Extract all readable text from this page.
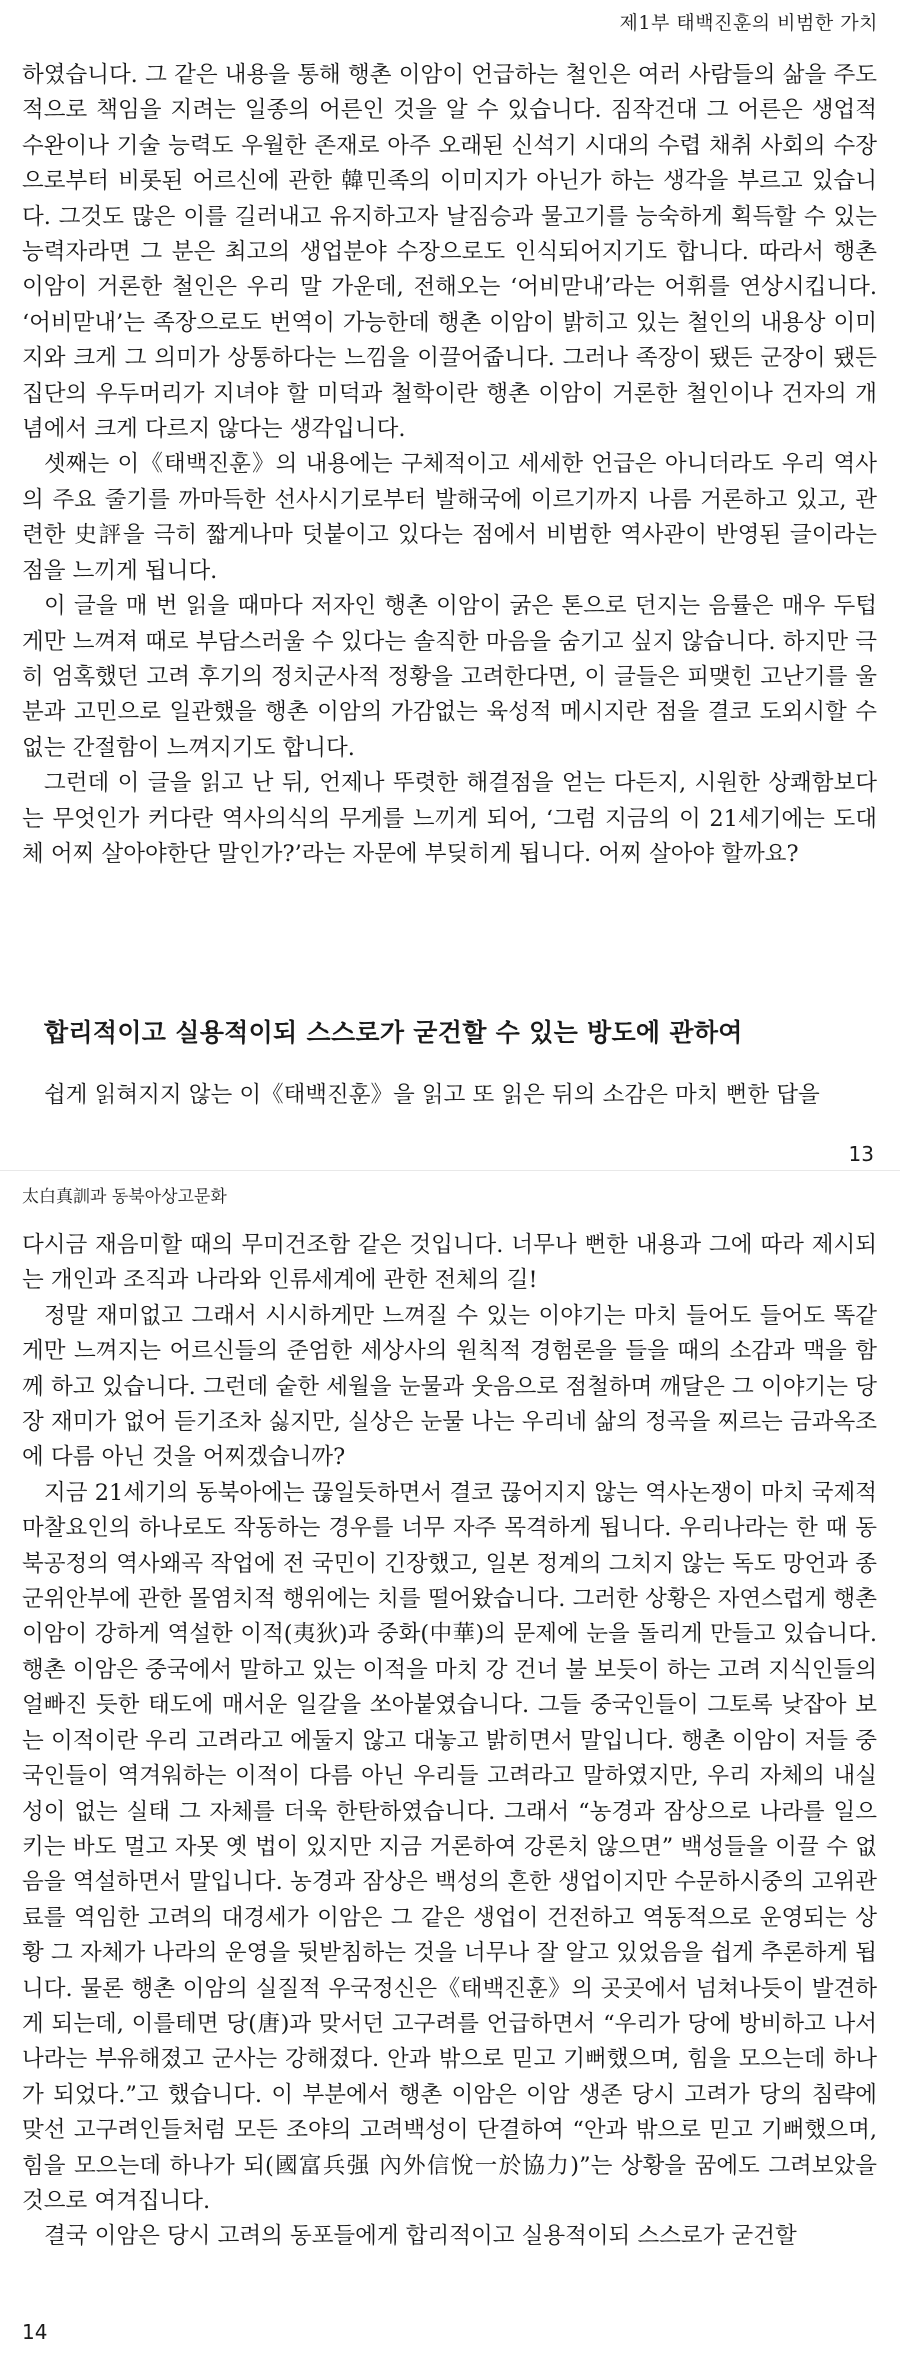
제1부 태백진훈의 비범한 가치

하였습니다. 그 같은 내용을 통해 행촌 이암이 언급하는 철인은 여러 사람들의 삶을 주도적으로 책임을 지려는 일종의 어른인 것을 알 수 있습니다. 짐작건대 그 어른은 생업적 수완이나 기술 능력도 우월한 존재로 아주 오래된 신석기 시대의 수렵 채취 사회의 수장으로부터 비롯된 어르신에 관한 韓민족의 이미지가 아닌가 하는 생각을 부르고 있습니다. 그것도 많은 이를 길러내고 유지하고자 날짐승과 물고기를 능숙하게 획득할 수 있는 능력자라면 그 분은 최고의 생업분야 수장으로도 인식되어지기도 합니다. 따라서 행촌 이암이 거론한 철인은 우리 말 가운데, 전해오는 ‘어비맏내’라는 어휘를 연상시킵니다. ‘어비맏내’는 족장으로도 번역이 가능한데 행촌 이암이 밝히고 있는 철인의 내용상 이미지와 크게 그 의미가 상통하다는 느낌을 이끌어줍니다. 그러나 족장이 됐든 군장이 됐든 집단의 우두머리가 지녀야 할 미덕과 철학이란 행촌 이암이 거론한 철인이나 건자의 개념에서 크게 다르지 않다는 생각입니다.

셋째는 이《태백진훈》의 내용에는 구체적이고 세세한 언급은 아니더라도 우리 역사의 주요 줄기를 까마득한 선사시기로부터 발해국에 이르기까지 나름 거론하고 있고, 관련한 史評을 극히 짧게나마 덧붙이고 있다는 점에서 비범한 역사관이 반영된 글이라는 점을 느끼게 됩니다.

이 글을 매 번 읽을 때마다 저자인 행촌 이암이 굵은 톤으로 던지는 음률은 매우 두텁게만 느껴져 때로 부담스러울 수 있다는 솔직한 마음을 숨기고 싶지 않습니다. 하지만 극히 엄혹했던 고려 후기의 정치군사적 정황을 고려한다면, 이 글들은 피맺힌 고난기를 울분과 고민으로 일관했을 행촌 이암의 가감없는 육성적 메시지란 점을 결코 도외시할 수 없는 간절함이 느껴지기도 합니다.

그런데 이 글을 읽고 난 뒤, 언제나 뚜렷한 해결점을 얻는 다든지, 시원한 상쾌함보다는 무엇인가 커다란 역사의식의 무게를 느끼게 되어, ‘그럼 지금의 이 21세기에는 도대체 어찌 살아야한단 말인가?’라는 자문에 부딪히게 됩니다. 어찌 살아야 할까요?

합리적이고 실용적이되 스스로가 굳건할 수 있는 방도에 관하여

쉽게 읽혀지지 않는 이《태백진훈》을 읽고 또 읽은 뒤의 소감은 마치 뻔한 답을

13
太白真訓과 동북아상고문화

다시금 재음미할 때의 무미건조함 같은 것입니다. 너무나 뻔한 내용과 그에 따라 제시되는 개인과 조직과 나라와 인류세계에 관한 전체의 길!

정말 재미없고 그래서 시시하게만 느껴질 수 있는 이야기는 마치 들어도 들어도 똑같게만 느껴지는 어르신들의 준엄한 세상사의 원칙적 경험론을 들을 때의 소감과 맥을 함께 하고 있습니다. 그런데 숱한 세월을 눈물과 웃음으로 점철하며 깨달은 그 이야기는 당장 재미가 없어 듣기조차 싫지만, 실상은 눈물 나는 우리네 삶의 정곡을 찌르는 금과옥조에 다름 아닌 것을 어찌겠습니까?

지금 21세기의 동북아에는 끊일듯하면서 결코 끊어지지 않는 역사논쟁이 마치 국제적 마찰요인의 하나로도 작동하는 경우를 너무 자주 목격하게 됩니다. 우리나라는 한 때 동북공정의 역사왜곡 작업에 전 국민이 긴장했고, 일본 정계의 그치지 않는 독도 망언과 종군위안부에 관한 몰염치적 행위에는 치를 떨어왔습니다. 그러한 상황은 자연스럽게 행촌 이암이 강하게 역설한 이적(夷狄)과 중화(中華)의 문제에 눈을 돌리게 만들고 있습니다. 행촌 이암은 중국에서 말하고 있는 이적을 마치 강 건너 불 보듯이 하는 고려 지식인들의 얼빠진 듯한 태도에 매서운 일갈을 쏘아붙였습니다. 그들 중국인들이 그토록 낮잡아 보는 이적이란 우리 고려라고 에둘지 않고 대놓고 밝히면서 말입니다. 행촌 이암이 저들 중국인들이 역겨워하는 이적이 다름 아닌 우리들 고려라고 말하였지만, 우리 자체의 내실성이 없는 실태 그 자체를 더욱 한탄하였습니다. 그래서 “농경과 잠상으로 나라를 일으키는 바도 멀고 자못 옛 법이 있지만 지금 거론하여 강론치 않으면” 백성들을 이끌 수 없음을 역설하면서 말입니다. 농경과 잠상은 백성의 흔한 생업이지만 수문하시중의 고위관료를 역임한 고려의 대경세가 이암은 그 같은 생업이 건전하고 역동적으로 운영되는 상황 그 자체가 나라의 운영을 뒷받침하는 것을 너무나 잘 알고 있었음을 쉽게 추론하게 됩니다. 물론 행촌 이암의 실질적 우국정신은《태백진훈》의 곳곳에서 넘쳐나듯이 발견하게 되는데, 이를테면 당(唐)과 맞서던 고구려를 언급하면서 “우리가 당에 방비하고 나서 나라는 부유해졌고 군사는 강해졌다. 안과 밖으로 믿고 기뻐했으며, 힘을 모으는데 하나가 되었다.”고 했습니다. 이 부분에서 행촌 이암은 이암 생존 당시 고려가 당의 침략에 맞선 고구려인들처럼 모든 조야의 고려백성이 단결하여 “안과 밖으로 믿고 기뻐했으며, 힘을 모으는데 하나가 되(國富兵强 內外信悅一於協力)”는 상황을 꿈에도 그려보았을 것으로 여겨집니다.

결국 이암은 당시 고려의 동포들에게 합리적이고 실용적이되 스스로가 굳건할

14
